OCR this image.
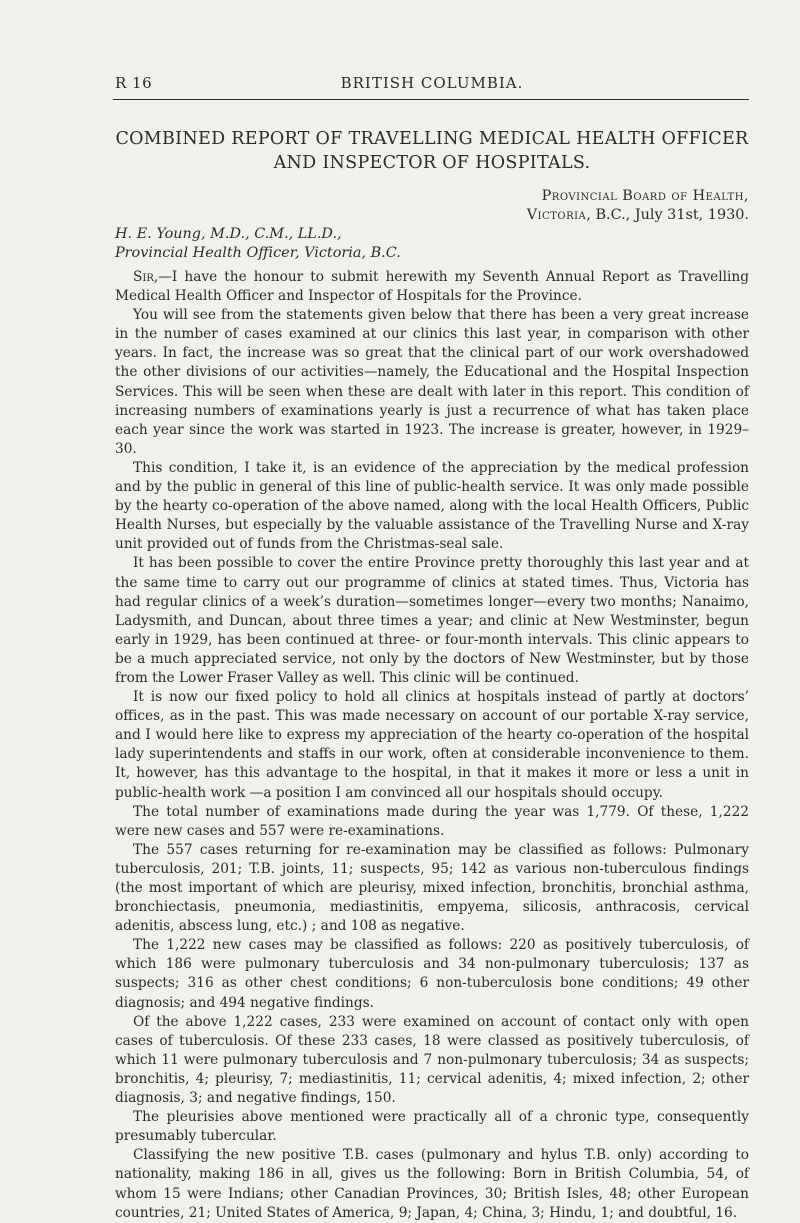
R 16	BRITISH COLUMBIA.
COMBINED REPORT OF TRAVELLING MEDICAL HEALTH OFFICER
AND INSPECTOR OF HOSPITALS.
Provincial Board of Health,
Victoria, B.C., July 31st, 1930.
H. E. Young, M.D., C.M., LL.D.,
Provincial Health Officer, Victoria, B.C.

Sir,—I have the honour to submit herewith my Seventh Annual Report as Travelling Medical Health Officer and Inspector of Hospitals for the Province.

You will see from the statements given below that there has been a very great increase in the number of cases examined at our clinics this last year, in comparison with other years. In fact, the increase was so great that the clinical part of our work overshadowed the other divisions of our activities—namely, the Educational and the Hospital Inspection Services. This will be seen when these are dealt with later in this report. This condition of increasing numbers of examinations yearly is just a recurrence of what has taken place each year since the work was started in 1923. The increase is greater, however, in 1929–30.

This condition, I take it, is an evidence of the appreciation by the medical profession and by the public in general of this line of public-health service. It was only made possible by the hearty co-operation of the above named, along with the local Health Officers, Public Health Nurses, but especially by the valuable assistance of the Travelling Nurse and X-ray unit provided out of funds from the Christmas-seal sale.

It has been possible to cover the entire Province pretty thoroughly this last year and at the same time to carry out our programme of clinics at stated times. Thus, Victoria has had regular clinics of a week’s duration—sometimes longer—every two months; Nanaimo, Ladysmith, and Duncan, about three times a year; and clinic at New Westminster, begun early in 1929, has been continued at three- or four-month intervals. This clinic appears to be a much appreciated service, not only by the doctors of New Westminster, but by those from the Lower Fraser Valley as well. This clinic will be continued.

It is now our fixed policy to hold all clinics at hospitals instead of partly at doctors’ offices, as in the past. This was made necessary on account of our portable X-ray service, and I would here like to express my appreciation of the hearty co-operation of the hospital lady superintendents and staffs in our work, often at considerable inconvenience to them. It, however, has this advantage to the hospital, in that it makes it more or less a unit in public-health work —a position I am convinced all our hospitals should occupy.

The total number of examinations made during the year was 1,779. Of these, 1,222 were new cases and 557 were re-examinations.

The 557 cases returning for re-examination may be classified as follows: Pulmonary tuberculosis, 201; T.B. joints, 11; suspects, 95; 142 as various non-tuberculous findings (the most important of which are pleurisy, mixed infection, bronchitis, bronchial asthma, bronchiectasis, pneumonia, mediastinitis, empyema, silicosis, anthracosis, cervical adenitis, abscess lung, etc.) ; and 108 as negative.

The 1,222 new cases may be classified as follows: 220 as positively tuberculosis, of which 186 were pulmonary tuberculosis and 34 non-pulmonary tuberculosis; 137 as suspects; 316 as other chest conditions; 6 non-tuberculosis bone conditions; 49 other diagnosis; and 494 negative findings.

Of the above 1,222 cases, 233 were examined on account of contact only with open cases of tuberculosis. Of these 233 cases, 18 were classed as positively tuberculosis, of which 11 were pulmonary tuberculosis and 7 non-pulmonary tuberculosis; 34 as suspects; bronchitis, 4; pleurisy, 7; mediastinitis, 11; cervical adenitis, 4; mixed infection, 2; other diagnosis, 3; and negative findings, 150.

The pleurisies above mentioned were practically all of a chronic type, consequently presumably tubercular.

Classifying the new positive T.B. cases (pulmonary and hylus T.B. only) according to nationality, making 186 in all, gives us the following: Born in British Columbia, 54, of whom 15 were Indians; other Canadian Provinces, 30; British Isles, 48; other European countries, 21; United States of America, 9; Japan, 4; China, 3; Hindu, 1; and doubtful, 16.
